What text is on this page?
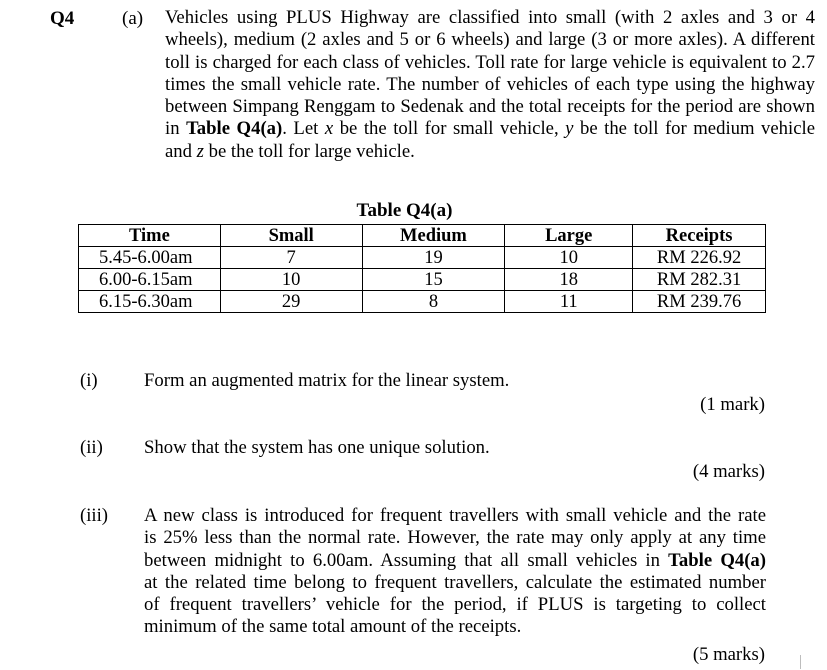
Q4	(a) Vehicles using PLUS Highway are classified into small (with 2 axles and 3 or 4
wheels), medium (2 axles and 5 or 6 wheels) and large (3 or more axles). A different
toll is charged for each class of vehicles. Toll rate for large vehicle is equivalent to 2.7
times the small vehicle rate. The number of vehicles of each type using the highway
between Simpang Renggam to Sedenak and the total receipts for the period are shown
in Table Q4(a). Let x be the toll for small vehicle, y be the toll for medium vehicle
and z be the toll for large vehicle.
Table Q4(a)
Time	Small	Medium	Large	Receipts
5.45-6.00am	7	19	10	RM 226.92
6.00-6.15am	10	15	18	RM 282.31
6.15-6.30am	29	8	11	RM 239.76
(i) Form an augmented matrix for the linear system.
(1 mark)
(ii) Show that the system has one unique solution.
(4 marks)
(iii) A new class is introduced for frequent travellers with small vehicle and the rate
is 25% less than the normal rate. However, the rate may only apply at any time
between midnight to 6.00am. Assuming that all small vehicles in Table Q4(a)
at the related time belong to frequent travellers, calculate the estimated number
of frequent travellers’ vehicle for the period, if PLUS is targeting to collect
minimum of the same total amount of the receipts.
(5 marks)
